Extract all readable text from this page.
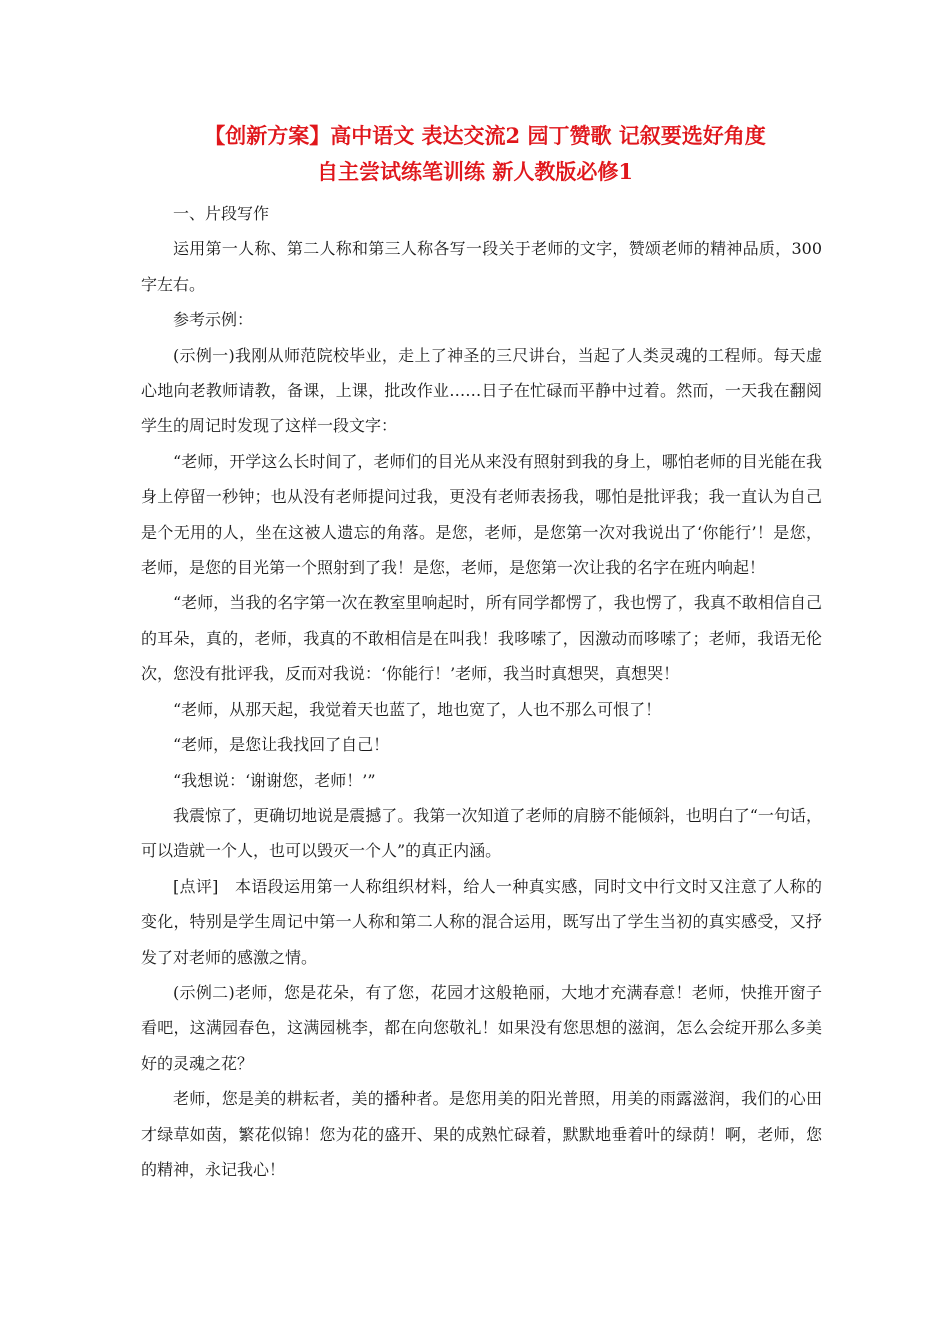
【创新方案】高中语文 表达交流2 园丁赞歌 记叙要选好角度
自主尝试练笔训练 新人教版必修1

一、片段写作

运用第一人称、第二人称和第三人称各写一段关于老师的文字，赞颂老师的精神品质，300字左右。

参考示例：

(示例一)我刚从师范院校毕业，走上了神圣的三尺讲台，当起了人类灵魂的工程师。每天虚心地向老教师请教，备课，上课，批改作业……日子在忙碌而平静中过着。然而，一天我在翻阅学生的周记时发现了这样一段文字：

“老师，开学这么长时间了，老师们的目光从来没有照射到我的身上，哪怕老师的目光能在我身上停留一秒钟；也从没有老师提问过我，更没有老师表扬我，哪怕是批评我；我一直认为自己是个无用的人，坐在这被人遗忘的角落。是您，老师，是您第一次对我说出了‘你能行’！是您，老师，是您的目光第一个照射到了我！是您，老师，是您第一次让我的名字在班内响起！

“老师，当我的名字第一次在教室里响起时，所有同学都愣了，我也愣了，我真不敢相信自己的耳朵，真的，老师，我真的不敢相信是在叫我！我哆嗦了，因激动而哆嗦了；老师，我语无伦次，您没有批评我，反而对我说：‘你能行！’老师，我当时真想哭，真想哭！

“老师，从那天起，我觉着天也蓝了，地也宽了，人也不那么可恨了！

“老师，是您让我找回了自己！

“我想说：‘谢谢您，老师！’”

我震惊了，更确切地说是震撼了。我第一次知道了老师的肩膀不能倾斜，也明白了“一句话，可以造就一个人，也可以毁灭一个人”的真正内涵。

[点评]　本语段运用第一人称组织材料，给人一种真实感，同时文中行文时又注意了人称的变化，特别是学生周记中第一人称和第二人称的混合运用，既写出了学生当初的真实感受，又抒发了对老师的感激之情。

(示例二)老师，您是花朵，有了您，花园才这般艳丽，大地才充满春意！老师，快推开窗子看吧，这满园春色，这满园桃李，都在向您敬礼！如果没有您思想的滋润，怎么会绽开那么多美好的灵魂之花？

老师，您是美的耕耘者，美的播种者。是您用美的阳光普照，用美的雨露滋润，我们的心田才绿草如茵，繁花似锦！您为花的盛开、果的成熟忙碌着，默默地垂着叶的绿荫！啊，老师，您的精神，永记我心！
